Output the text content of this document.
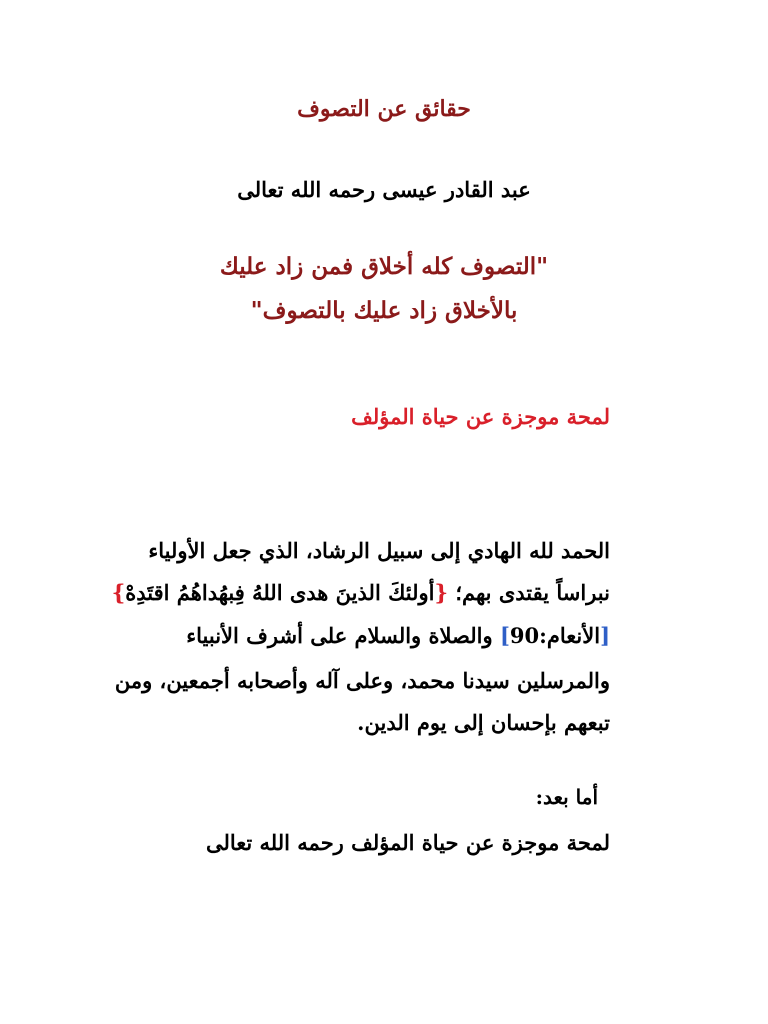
حقائق عن التصوف
عبد القادر عيسى رحمه الله تعالى
"التصوف كله أخلاق فمن زاد عليك
بالأخلاق زاد عليك بالتصوف"
لمحة موجزة عن حياة المؤلف
الحمد لله الهادي إلى سبيل الرشاد، الذي جعل الأولياء
نبراساً يقتدى بهم؛ {أولئكَ الذينَ هدى اللهُ فِبهُداهُمُ اقتَدِهْ}
[الأنعام:90] والصلاة والسلام على أشرف الأنبياء
والمرسلين سيدنا محمد، وعلى آله وأصحابه أجمعين، ومن
تبعهم بإحسان إلى يوم الدين.
أما بعد:
لمحة موجزة عن حياة المؤلف رحمه الله تعالى
